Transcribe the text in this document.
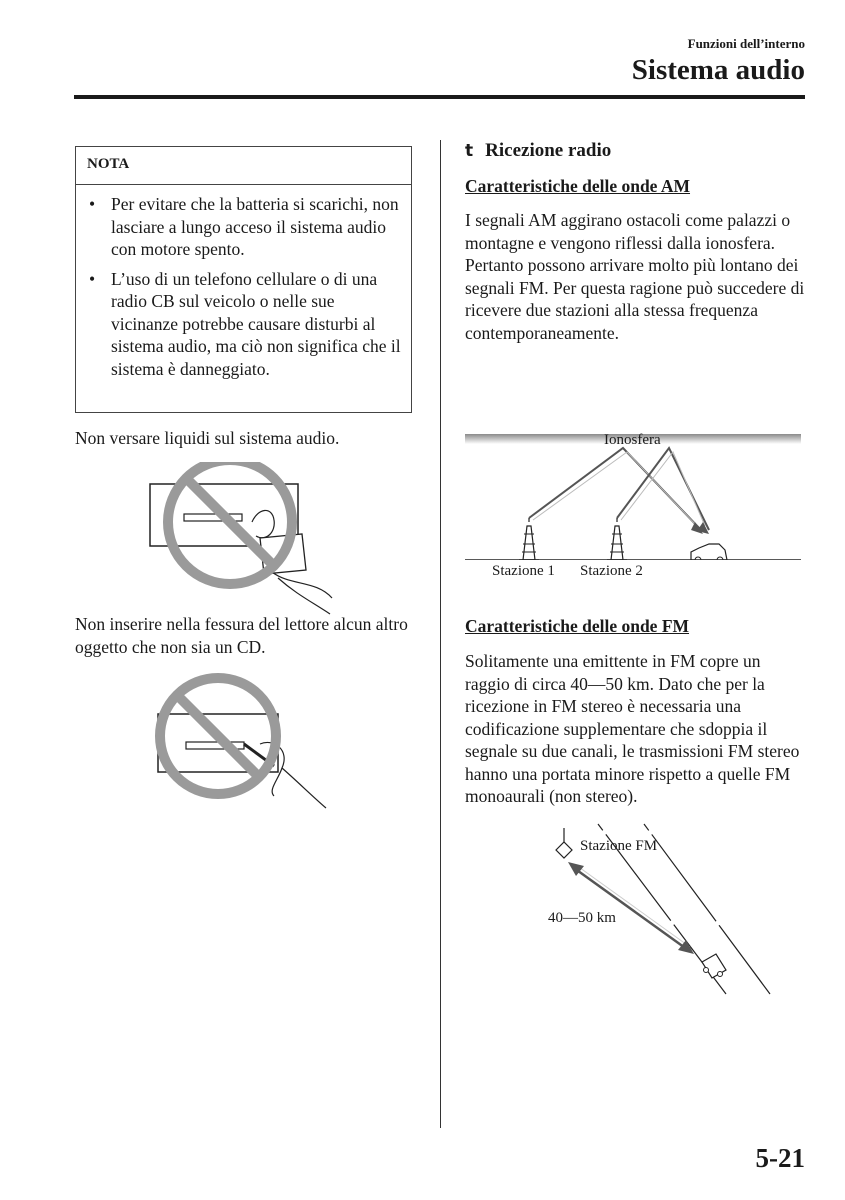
Funzioni dell’interno
Sistema audio
NOTA
• Per evitare che la batteria si scarichi, non lasciare a lungo acceso il sistema audio con motore spento.
• L’uso di un telefono cellulare o di una radio CB sul veicolo o nelle sue vicinanze potrebbe causare disturbi al sistema audio, ma ciò non significa che il sistema è danneggiato.
Non versare liquidi sul sistema audio.
Non inserire nella fessura del lettore alcun altro oggetto che non sia un CD.
t Ricezione radio
Caratteristiche delle onde AM
I segnali AM aggirano ostacoli come palazzi o montagne e vengono riflessi dalla ionosfera. Pertanto possono arrivare molto più lontano dei segnali FM. Per questa ragione può succedere di ricevere due stazioni alla stessa frequenza contemporaneamente.
Ionosfera
Stazione 1 Stazione 2
Caratteristiche delle onde FM
Solitamente una emittente in FM copre un raggio di circa 40—50 km. Dato che per la ricezione in FM stereo è necessaria una codificazione supplementare che sdoppia il segnale su due canali, le trasmissioni FM stereo hanno una portata minore rispetto a quelle FM monoaurali (non stereo).
Stazione FM
40—50 km
5-21
